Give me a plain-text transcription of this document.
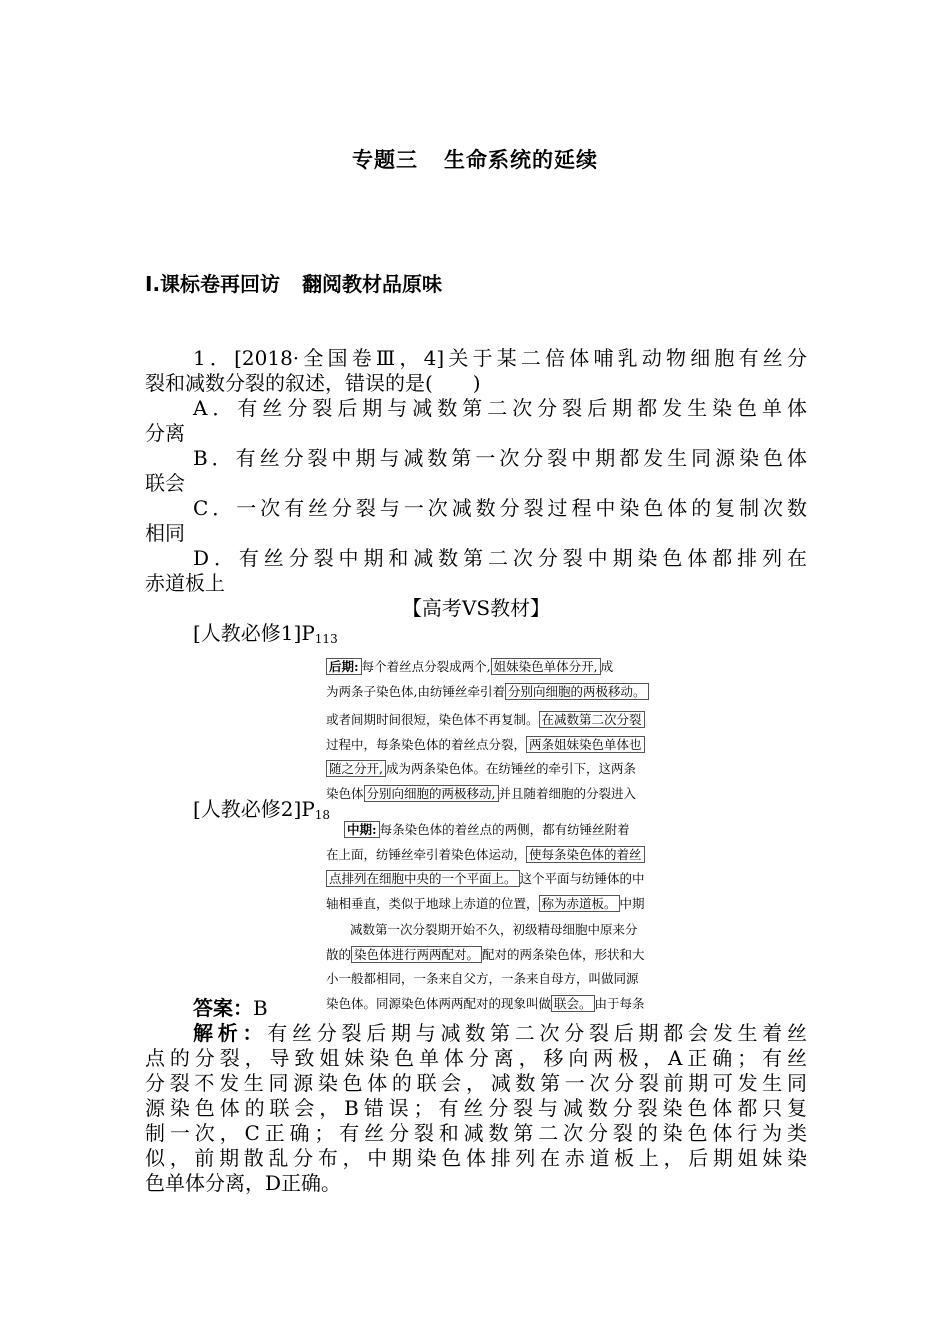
专题三 生命系统的延续
Ⅰ.课标卷再回访 翻阅教材品原味
1．[2018·全国卷Ⅲ，4]关于某二倍体哺乳动物细胞有丝分
裂和减数分裂的叙述，错误的是(　　)
A．有丝分裂后期与减数第二次分裂后期都发生染色单体
分离
B．有丝分裂中期与减数第一次分裂中期都发生同源染色体
联会
C．一次有丝分裂与一次减数分裂过程中染色体的复制次数
相同
D．有丝分裂中期和减数第二次分裂中期染色体都排列在
赤道板上
【高考VS教材】
[人教必修$1]P_{113}$
后期: 每个着丝点分裂成两个, 姐妹染色单体分开, 成
为两条子染色体,由纺锤丝牵引着 分别向细胞的两极移动。
或者间期时间很短，染色体不再复制。 在减数第二次分裂
过程中，每条染色体的着丝点分裂， 两条姐妹染色单体也
随之分开, 成为两条染色体。在纺锤丝的牵引下，这两条
染色体 分别向细胞的两极移动, 并且随着细胞的分裂进入
[人教必修$2]P_{18}$
中期: 每条染色体的着丝点的两侧，都有纺锤丝附着
在上面，纺锤丝牵引着染色体运动， 使每条染色体的着丝
点排列在细胞中央的一个平面上。 这个平面与纺锤体的中
轴相垂直，类似于地球上赤道的位置， 称为赤道板。 中期
减数第一次分裂期开始不久，初级精母细胞中原来分
散的 染色体进行两两配对。 配对的两条染色体，形状和大
小一般都相同，一条来自父方，一条来自母方，叫做同源
染色体。同源染色体两两配对的现象叫做 联会。 由于每条
答案：B
解析：有丝分裂后期与减数第二次分裂后期都会发生着丝
点的分裂，导致姐妹染色单体分离，移向两极，A正确；有丝
分裂不发生同源染色体的联会，减数第一次分裂前期可发生同
源染色体的联会，B错误；有丝分裂与减数分裂染色体都只复
制一次，C正确；有丝分裂和减数第二次分裂的染色体行为类
似，前期散乱分布，中期染色体排列在赤道板上，后期姐妹染
色单体分离，D正确。
